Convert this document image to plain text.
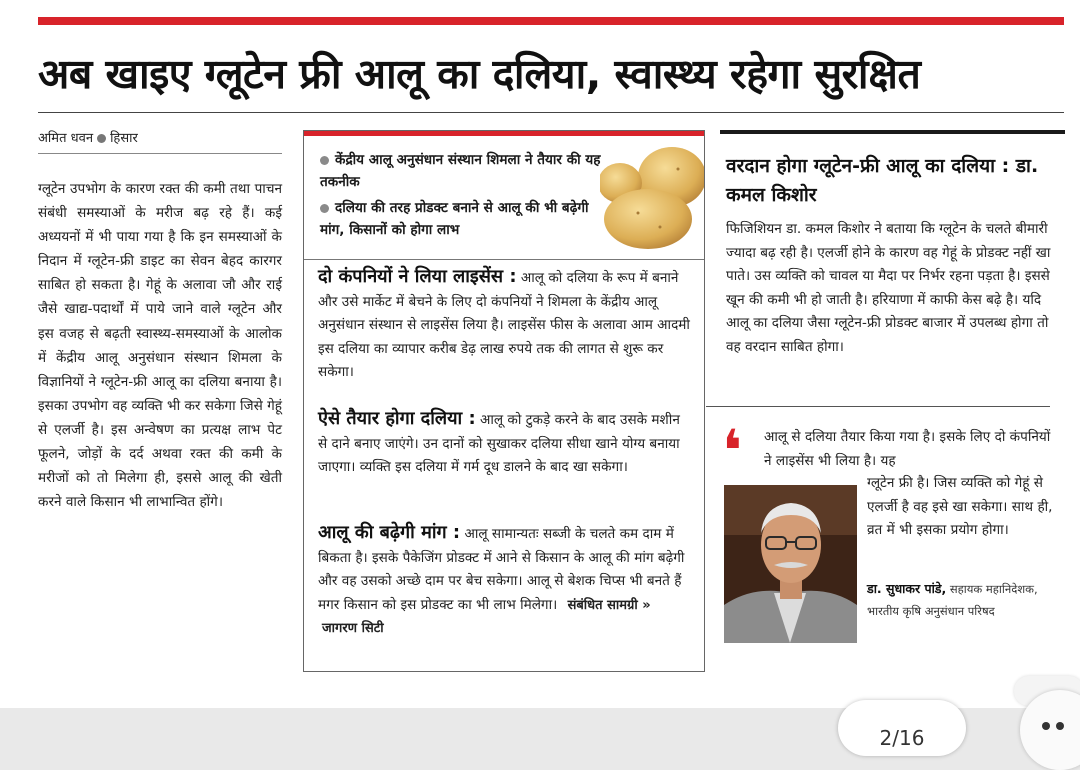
अब खाइए ग्लूटेन फ्री आलू का दलिया, स्वास्थ्य रहेगा सुरक्षित
अमित धवन हिसार
ग्लूटेन उपभोग के कारण रक्त की कमी तथा पाचन संबंधी समस्याओं के मरीज बढ़ रहे हैं। कई अध्ययनों में भी पाया गया है कि इन समस्याओं के निदान में ग्लूटेन-फ्री डाइट का सेवन बेहद कारगर साबित हो सकता है। गेहूं के अलावा जौ और राई जैसे खाद्य-पदार्थों में पाये जाने वाले ग्लूटेन और इस वजह से बढ़ती स्वास्थ्य-समस्याओं के आलोक में केंद्रीय आलू अनुसंधान संस्थान शिमला के विज्ञानियों ने ग्लूटेन-फ्री आलू का दलिया बनाया है। इसका उपभोग वह व्यक्ति भी कर सकेगा जिसे गेहूं से एलर्जी है। इस अन्वेषण का प्रत्यक्ष लाभ पेट फूलने, जोड़ों के दर्द अथवा रक्त की कमी के मरीजों को तो मिलेगा ही, इससे आलू की खेती करने वाले किसान भी लाभान्वित होंगे।

केंद्रीय आलू अनुसंधान संस्थान शिमला ने तैयार की यह तकनीक

दलिया की तरह प्रोडक्ट बनाने से आलू की भी बढ़ेगी मांग, किसानों को होगा लाभ

दो कंपनियों ने लिया लाइसेंस : आलू को दलिया के रूप में बनाने और उसे मार्केट में बेचने के लिए दो कंपनियों ने शिमला के केंद्रीय आलू अनुसंधान संस्थान से लाइसेंस लिया है। लाइसेंस फीस के अलावा आम आदमी इस दलिया का व्यापार करीब डेढ़ लाख रुपये तक की लागत से शुरू कर सकेगा।
ऐसे तैयार होगा दलिया : आलू को टुकड़े करने के बाद उसके मशीन से दाने बनाए जाएंगे। उन दानों को सुखाकर दलिया सीधा खाने योग्य बनाया जाएगा। व्यक्ति इस दलिया में गर्म दूध डालने के बाद खा सकेगा।
आलू की बढ़ेगी मांग : आलू सामान्यतः सब्जी के चलते कम दाम में बिकता है। इसके पैकेजिंग प्रोडक्ट में आने से किसान के आलू की मांग बढ़ेगी और वह उसको अच्छे दाम पर बेच सकेगा। आलू से बेशक चिप्स भी बनते हैं मगर किसान को इस प्रोडक्ट का भी लाभ मिलेगा। संबंधित सामग्री » जागरण सिटी
वरदान होगा ग्लूटेन-फ्री आलू का दलिया : डा. कमल किशोर
फिजिशियन डा. कमल किशोर ने बताया कि ग्लूटेन के चलते बीमारी ज्यादा बढ़ रही है। एलर्जी होने के कारण वह गेहूं के प्रोडक्ट नहीं खा पाते। उस व्यक्ति को चावल या मैदा पर निर्भर रहना पड़ता है। इससे खून की कमी भी हो जाती है। हरियाणा में काफी केस बढ़े है। यदि आलू का दलिया जैसा ग्लूटेन-फ्री प्रोडक्ट बाजार में उपलब्ध होगा तो वह वरदान साबित होगा।
❛ आलू से दलिया तैयार किया गया है। इसके लिए दो कंपनियों ने लाइसेंस भी लिया है। यह
ग्लूटेन फ्री है। जिस व्यक्ति को गेहूं से एलर्जी है वह इसे खा सकेगा। साथ ही, व्रत में भी इसका प्रयोग होगा।
डा. सुधाकर पांडे, सहायक महानिदेशक, भारतीय कृषि अनुसंधान परिषद
2/16
